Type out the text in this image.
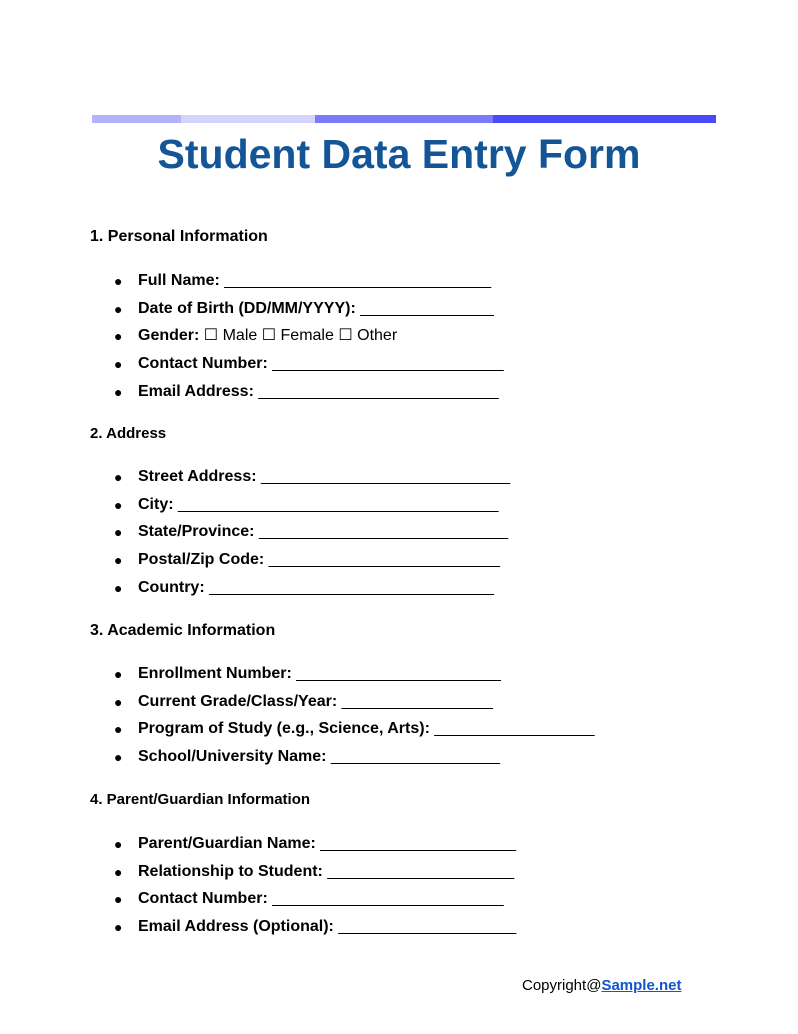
Student Data Entry Form
1. Personal Information
● Full Name: ______________________________
● Date of Birth (DD/MM/YYYY): _______________
● Gender: ☐ Male ☐ Female ☐ Other
● Contact Number: __________________________
● Email Address: ___________________________
2. Address
● Street Address: ____________________________
● City: ____________________________________
● State/Province: ____________________________
● Postal/Zip Code: __________________________
● Country: ________________________________
3. Academic Information
● Enrollment Number: _______________________
● Current Grade/Class/Year: _________________
● Program of Study (e.g., Science, Arts): __________________
● School/University Name: ___________________
4. Parent/Guardian Information
● Parent/Guardian Name: ______________________
● Relationship to Student: _____________________
● Contact Number: __________________________
● Email Address (Optional): ____________________
Copyright@Sample.net
